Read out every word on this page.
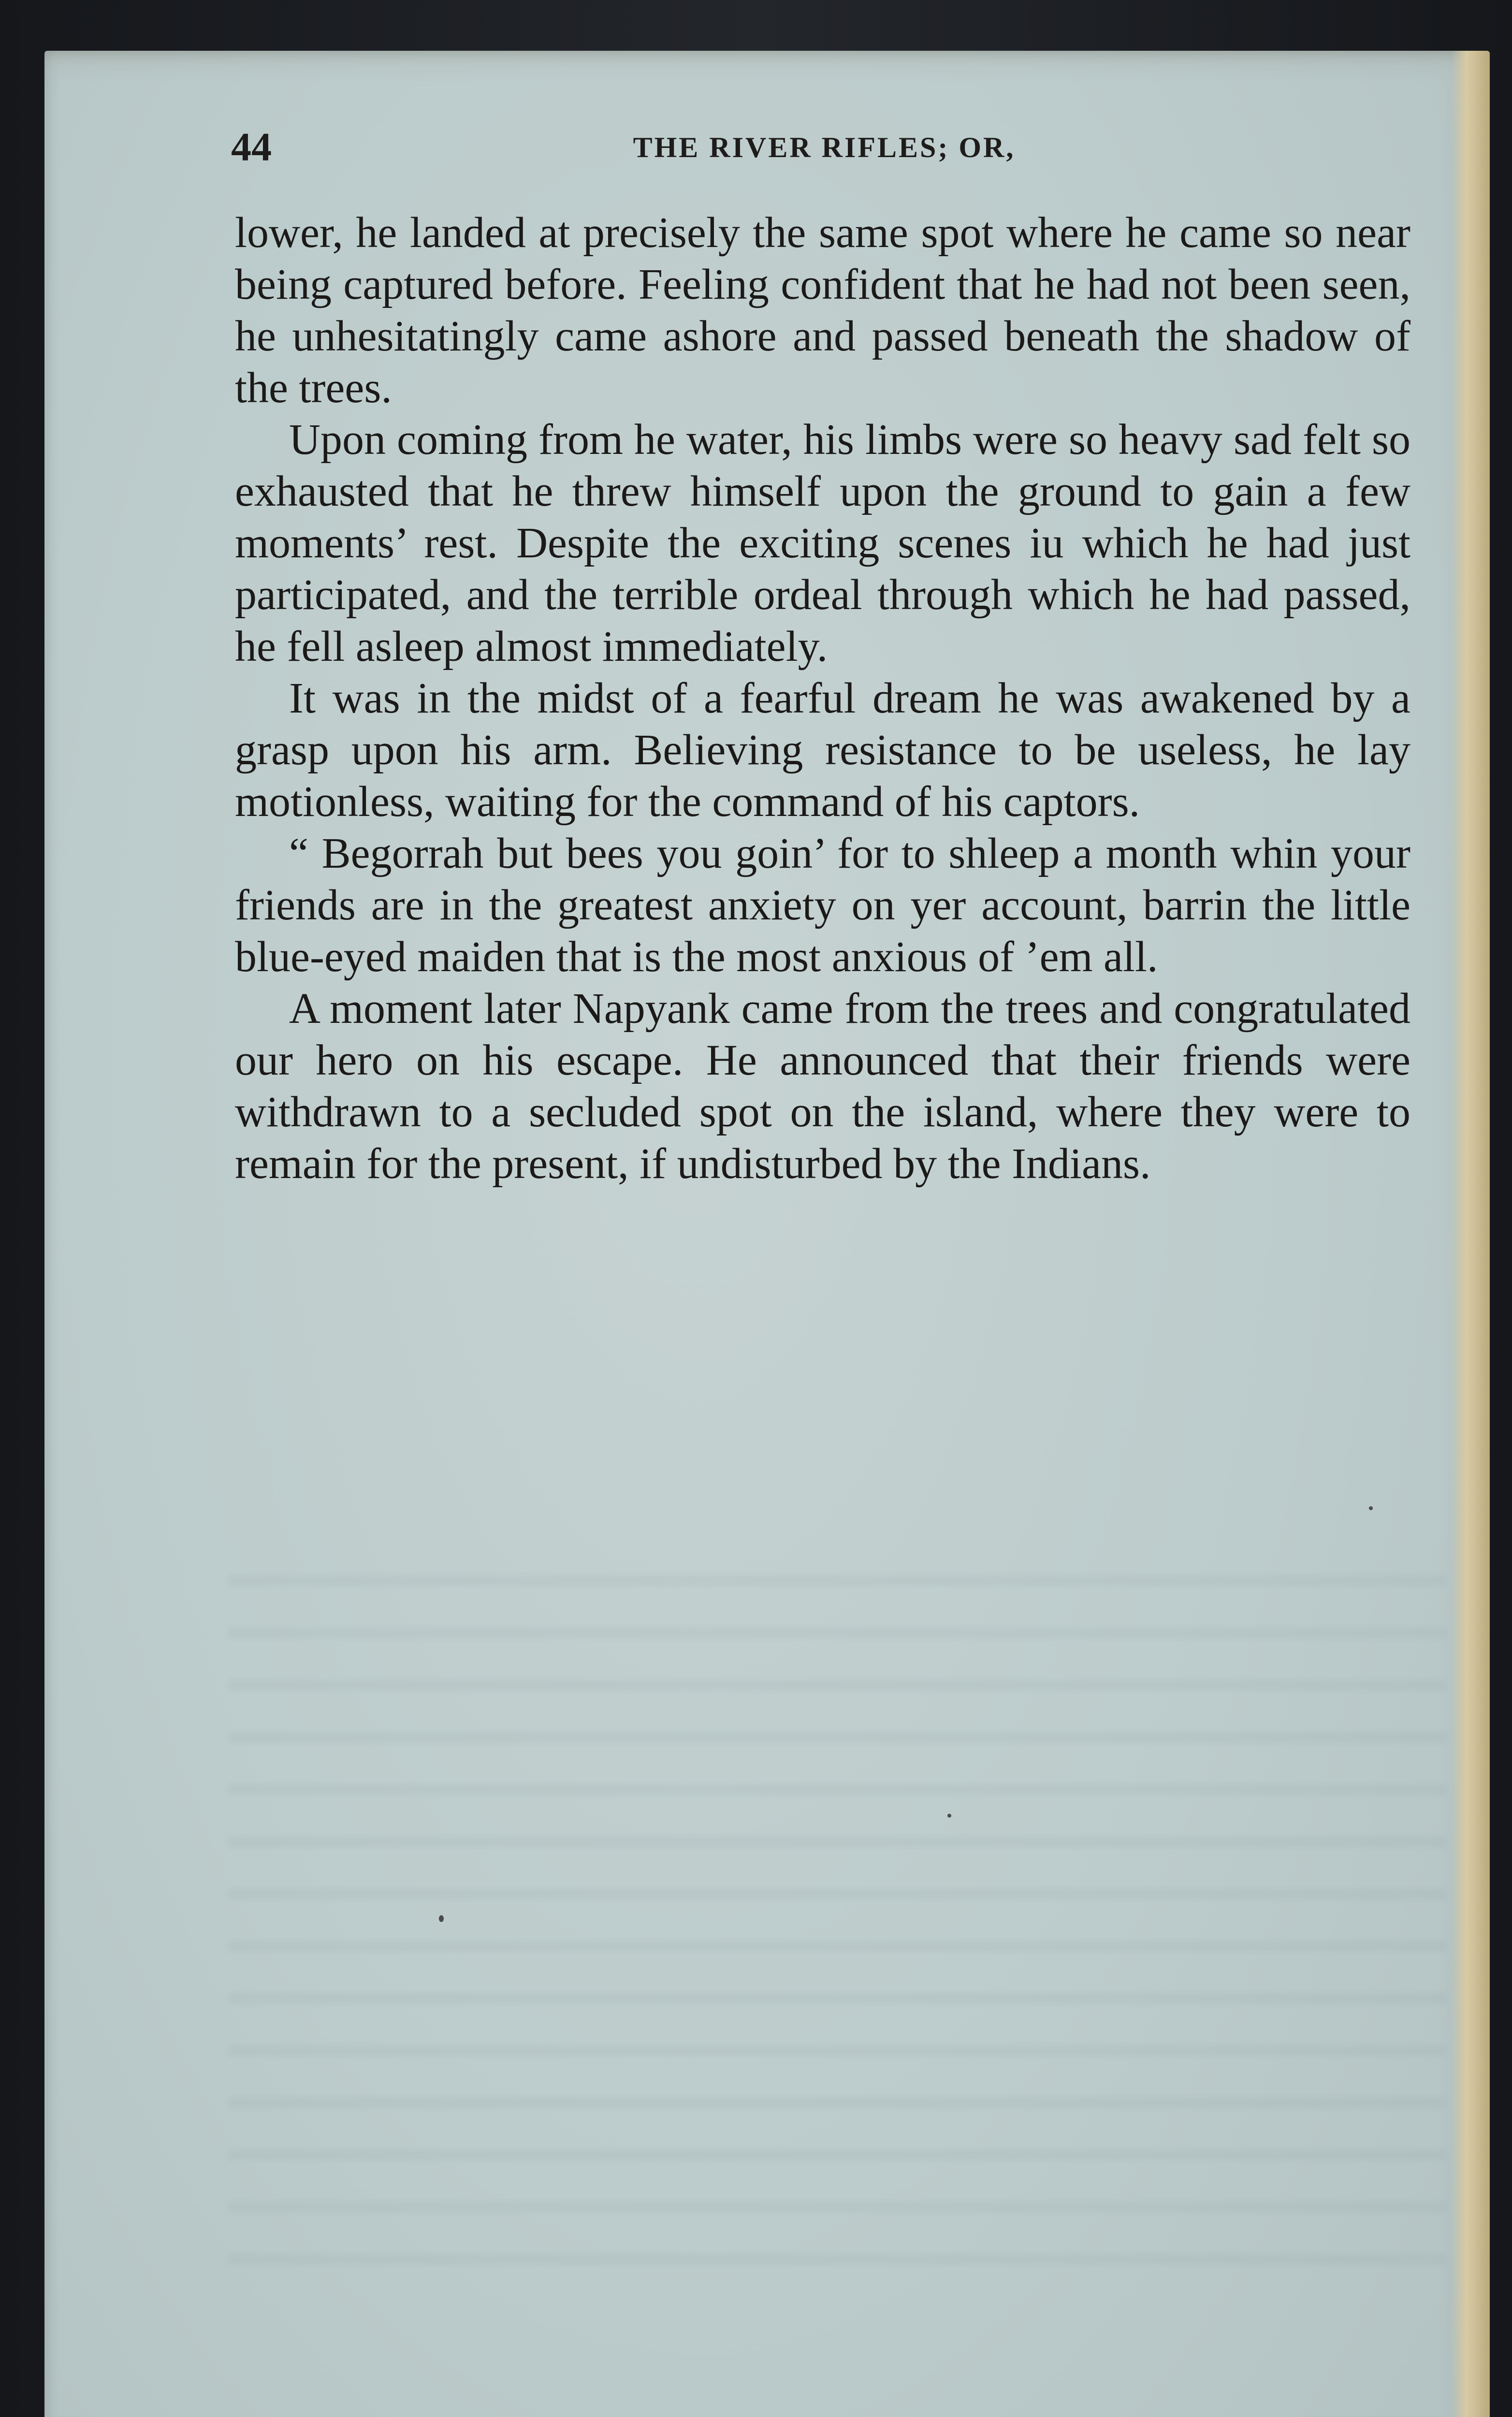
44	THE RIVER RIFLES; OR,

lower, he landed at precisely the same spot where he came so near being captured before. Feeling confident that he had not been seen, he unhesitatingly came ashore and passed beneath the shadow of the trees.

Upon coming from he water, his limbs were so heavy sad felt so exhausted that he threw himself upon the ground to gain a few moments’ rest. Despite the exciting scenes iu which he had just participated, and the terrible ordeal through which he had passed, he fell asleep almost immediately.

It was in the midst of a fearful dream he was awakened by a grasp upon his arm. Believing resistance to be useless, he lay motionless, waiting for the command of his captors.

“ Begorrah but bees you goin’ for to shleep a month whin your friends are in the greatest anxiety on yer account, barrin the little blue-eyed maiden that is the most anxious of ’em all.

A moment later Napyank came from the trees and congratulated our hero on his escape. He announced that their friends were withdrawn to a secluded spot on the island, where they were to remain for the present, if undisturbed by the Indians.
